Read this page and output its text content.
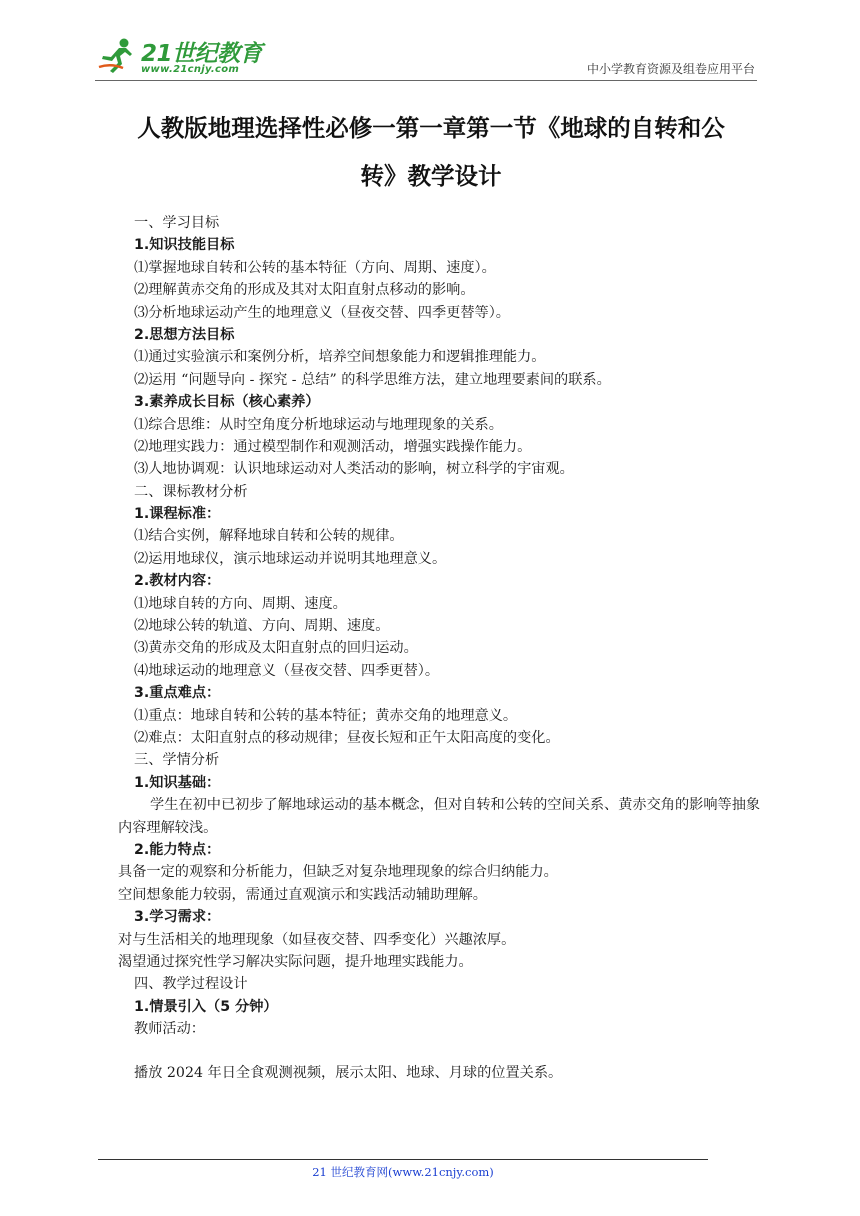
21世纪教育
www.21cnjy.com	中小学教育资源及组卷应用平台
人教版地理选择性必修一第一章第一节《地球的自转和公
转》教学设计
一、学习目标
1.知识技能目标
⑴掌握地球自转和公转的基本特征（方向、周期、速度）。
⑵理解黄赤交角的形成及其对太阳直射点移动的影响。
⑶分析地球运动产生的地理意义（昼夜交替、四季更替等）。
2.思想方法目标
⑴通过实验演示和案例分析，培养空间想象能力和逻辑推理能力。
⑵运用 “问题导向 - 探究 - 总结” 的科学思维方法，建立地理要素间的联系。
3.素养成长目标（核心素养）
⑴综合思维：从时空角度分析地球运动与地理现象的关系。
⑵地理实践力：通过模型制作和观测活动，增强实践操作能力。
⑶人地协调观：认识地球运动对人类活动的影响，树立科学的宇宙观。
二、课标教材分析
1.课程标准：
⑴结合实例，解释地球自转和公转的规律。
⑵运用地球仪，演示地球运动并说明其地理意义。
2.教材内容：
⑴地球自转的方向、周期、速度。
⑵地球公转的轨道、方向、周期、速度。
⑶黄赤交角的形成及太阳直射点的回归运动。
⑷地球运动的地理意义（昼夜交替、四季更替）。
3.重点难点：
⑴重点：地球自转和公转的基本特征；黄赤交角的地理意义。
⑵难点：太阳直射点的移动规律；昼夜长短和正午太阳高度的变化。
三、学情分析
1.知识基础：
学生在初中已初步了解地球运动的基本概念，但对自转和公转的空间关系、黄赤交角的影响等抽象内容理解较浅。
2.能力特点：
具备一定的观察和分析能力，但缺乏对复杂地理现象的综合归纳能力。
空间想象能力较弱，需通过直观演示和实践活动辅助理解。
3.学习需求：
对与生活相关的地理现象（如昼夜交替、四季变化）兴趣浓厚。
渴望通过探究性学习解决实际问题，提升地理实践能力。
四、教学过程设计
1.情景引入（5 分钟）
教师活动：
播放 2024 年日全食观测视频，展示太阳、地球、月球的位置关系。
21 世纪教育网(www.21cnjy.com)
